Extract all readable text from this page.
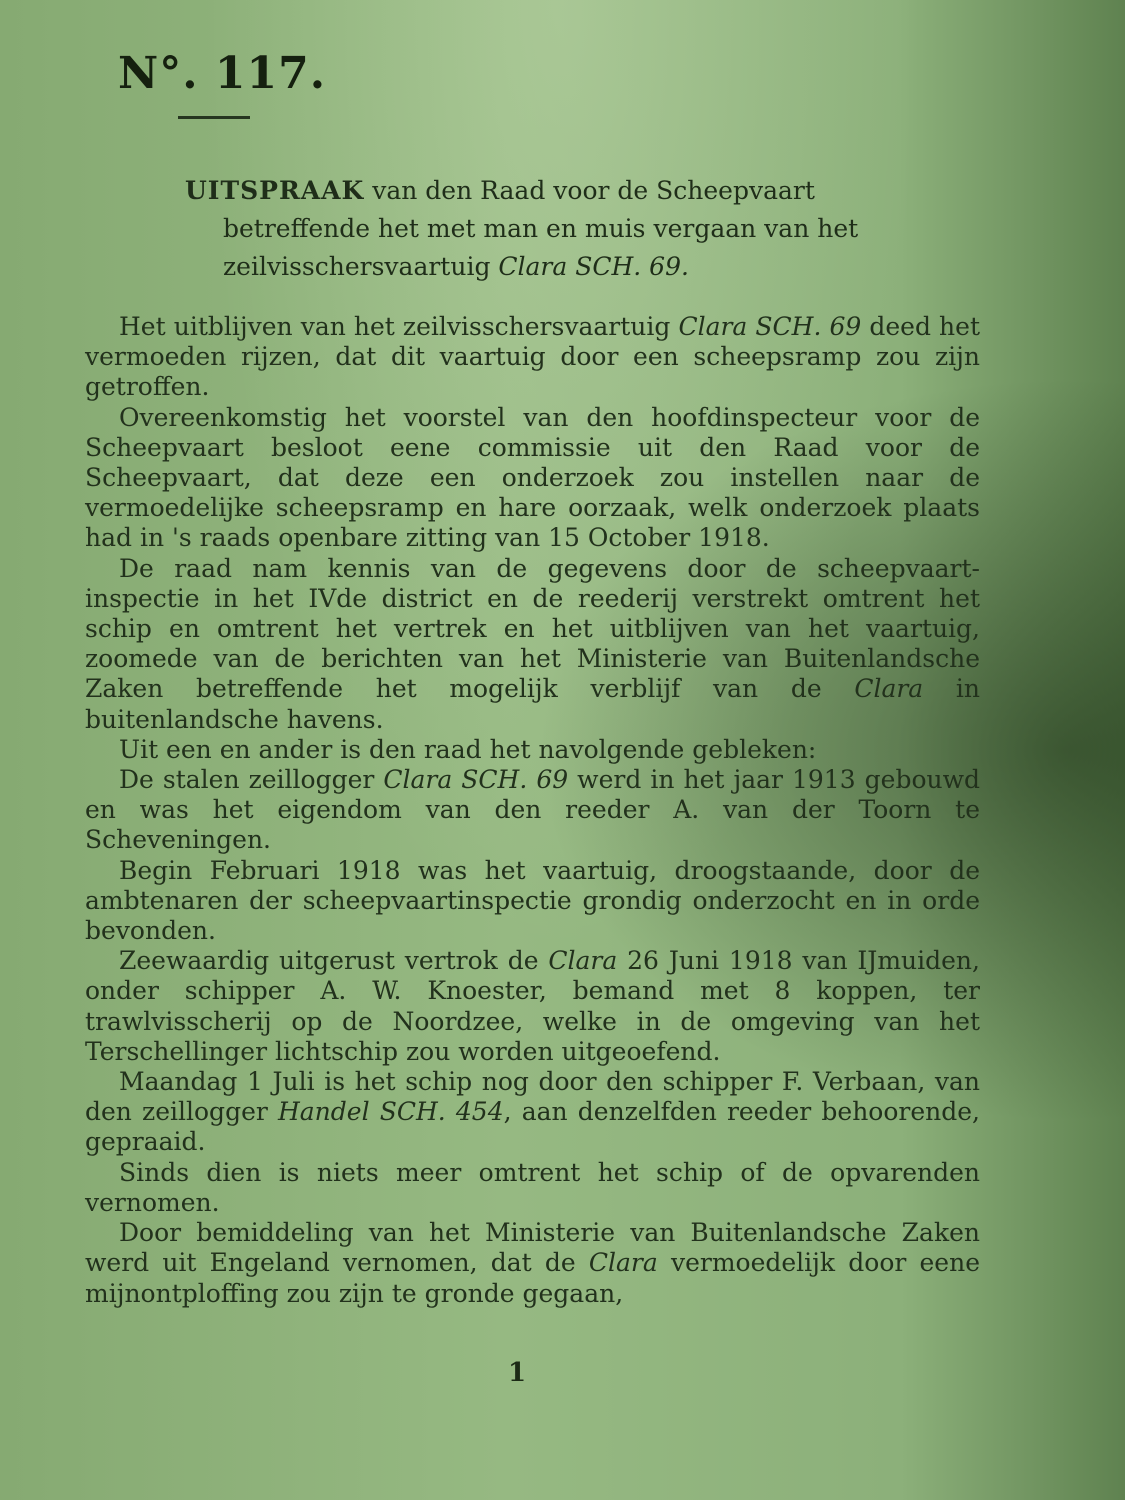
N°. 117.
UITSPRAAK van den Raad voor de Scheepvaart
betreffende het met man en muis vergaan van het
zeilvisschersvaartuig Clara SCH. 69.

Het uitblijven van het zeilvisschersvaartuig Clara SCH. 69 deed het vermoeden rijzen, dat dit vaartuig door een scheepsramp zou zijn getroffen.

Overeenkomstig het voorstel van den hoofdinspecteur voor de Scheepvaart besloot eene commissie uit den Raad voor de Scheepvaart, dat deze een onderzoek zou instellen naar de vermoedelijke scheepsramp en hare oorzaak, welk onderzoek plaats had in 's raads openbare zitting van 15 October 1918.

De raad nam kennis van de gegevens door de scheepvaart-inspectie in het IVde district en de reederij verstrekt omtrent het schip en omtrent het vertrek en het uitblijven van het vaartuig, zoomede van de berichten van het Ministerie van Buitenlandsche Zaken betreffende het mogelijk verblijf van de Clara in buitenlandsche havens.

Uit een en ander is den raad het navolgende gebleken:

De stalen zeillogger Clara SCH. 69 werd in het jaar 1913 gebouwd en was het eigendom van den reeder A. van der Toorn te Scheveningen.

Begin Februari 1918 was het vaartuig, droogstaande, door de ambtenaren der scheepvaartinspectie grondig onderzocht en in orde bevonden.

Zeewaardig uitgerust vertrok de Clara 26 Juni 1918 van IJmuiden, onder schipper A. W. Knoester, bemand met 8 koppen, ter trawlvisscherij op de Noordzee, welke in de omgeving van het Terschellinger lichtschip zou worden uitgeoefend.

Maandag 1 Juli is het schip nog door den schipper F. Verbaan, van den zeillogger Handel SCH. 454, aan denzelfden reeder behoorende, gepraaid.

Sinds dien is niets meer omtrent het schip of de opvarenden vernomen.

Door bemiddeling van het Ministerie van Buitenlandsche Zaken werd uit Engeland vernomen, dat de Clara vermoedelijk door eene mijnontploffing zou zijn te gronde gegaan,

1
